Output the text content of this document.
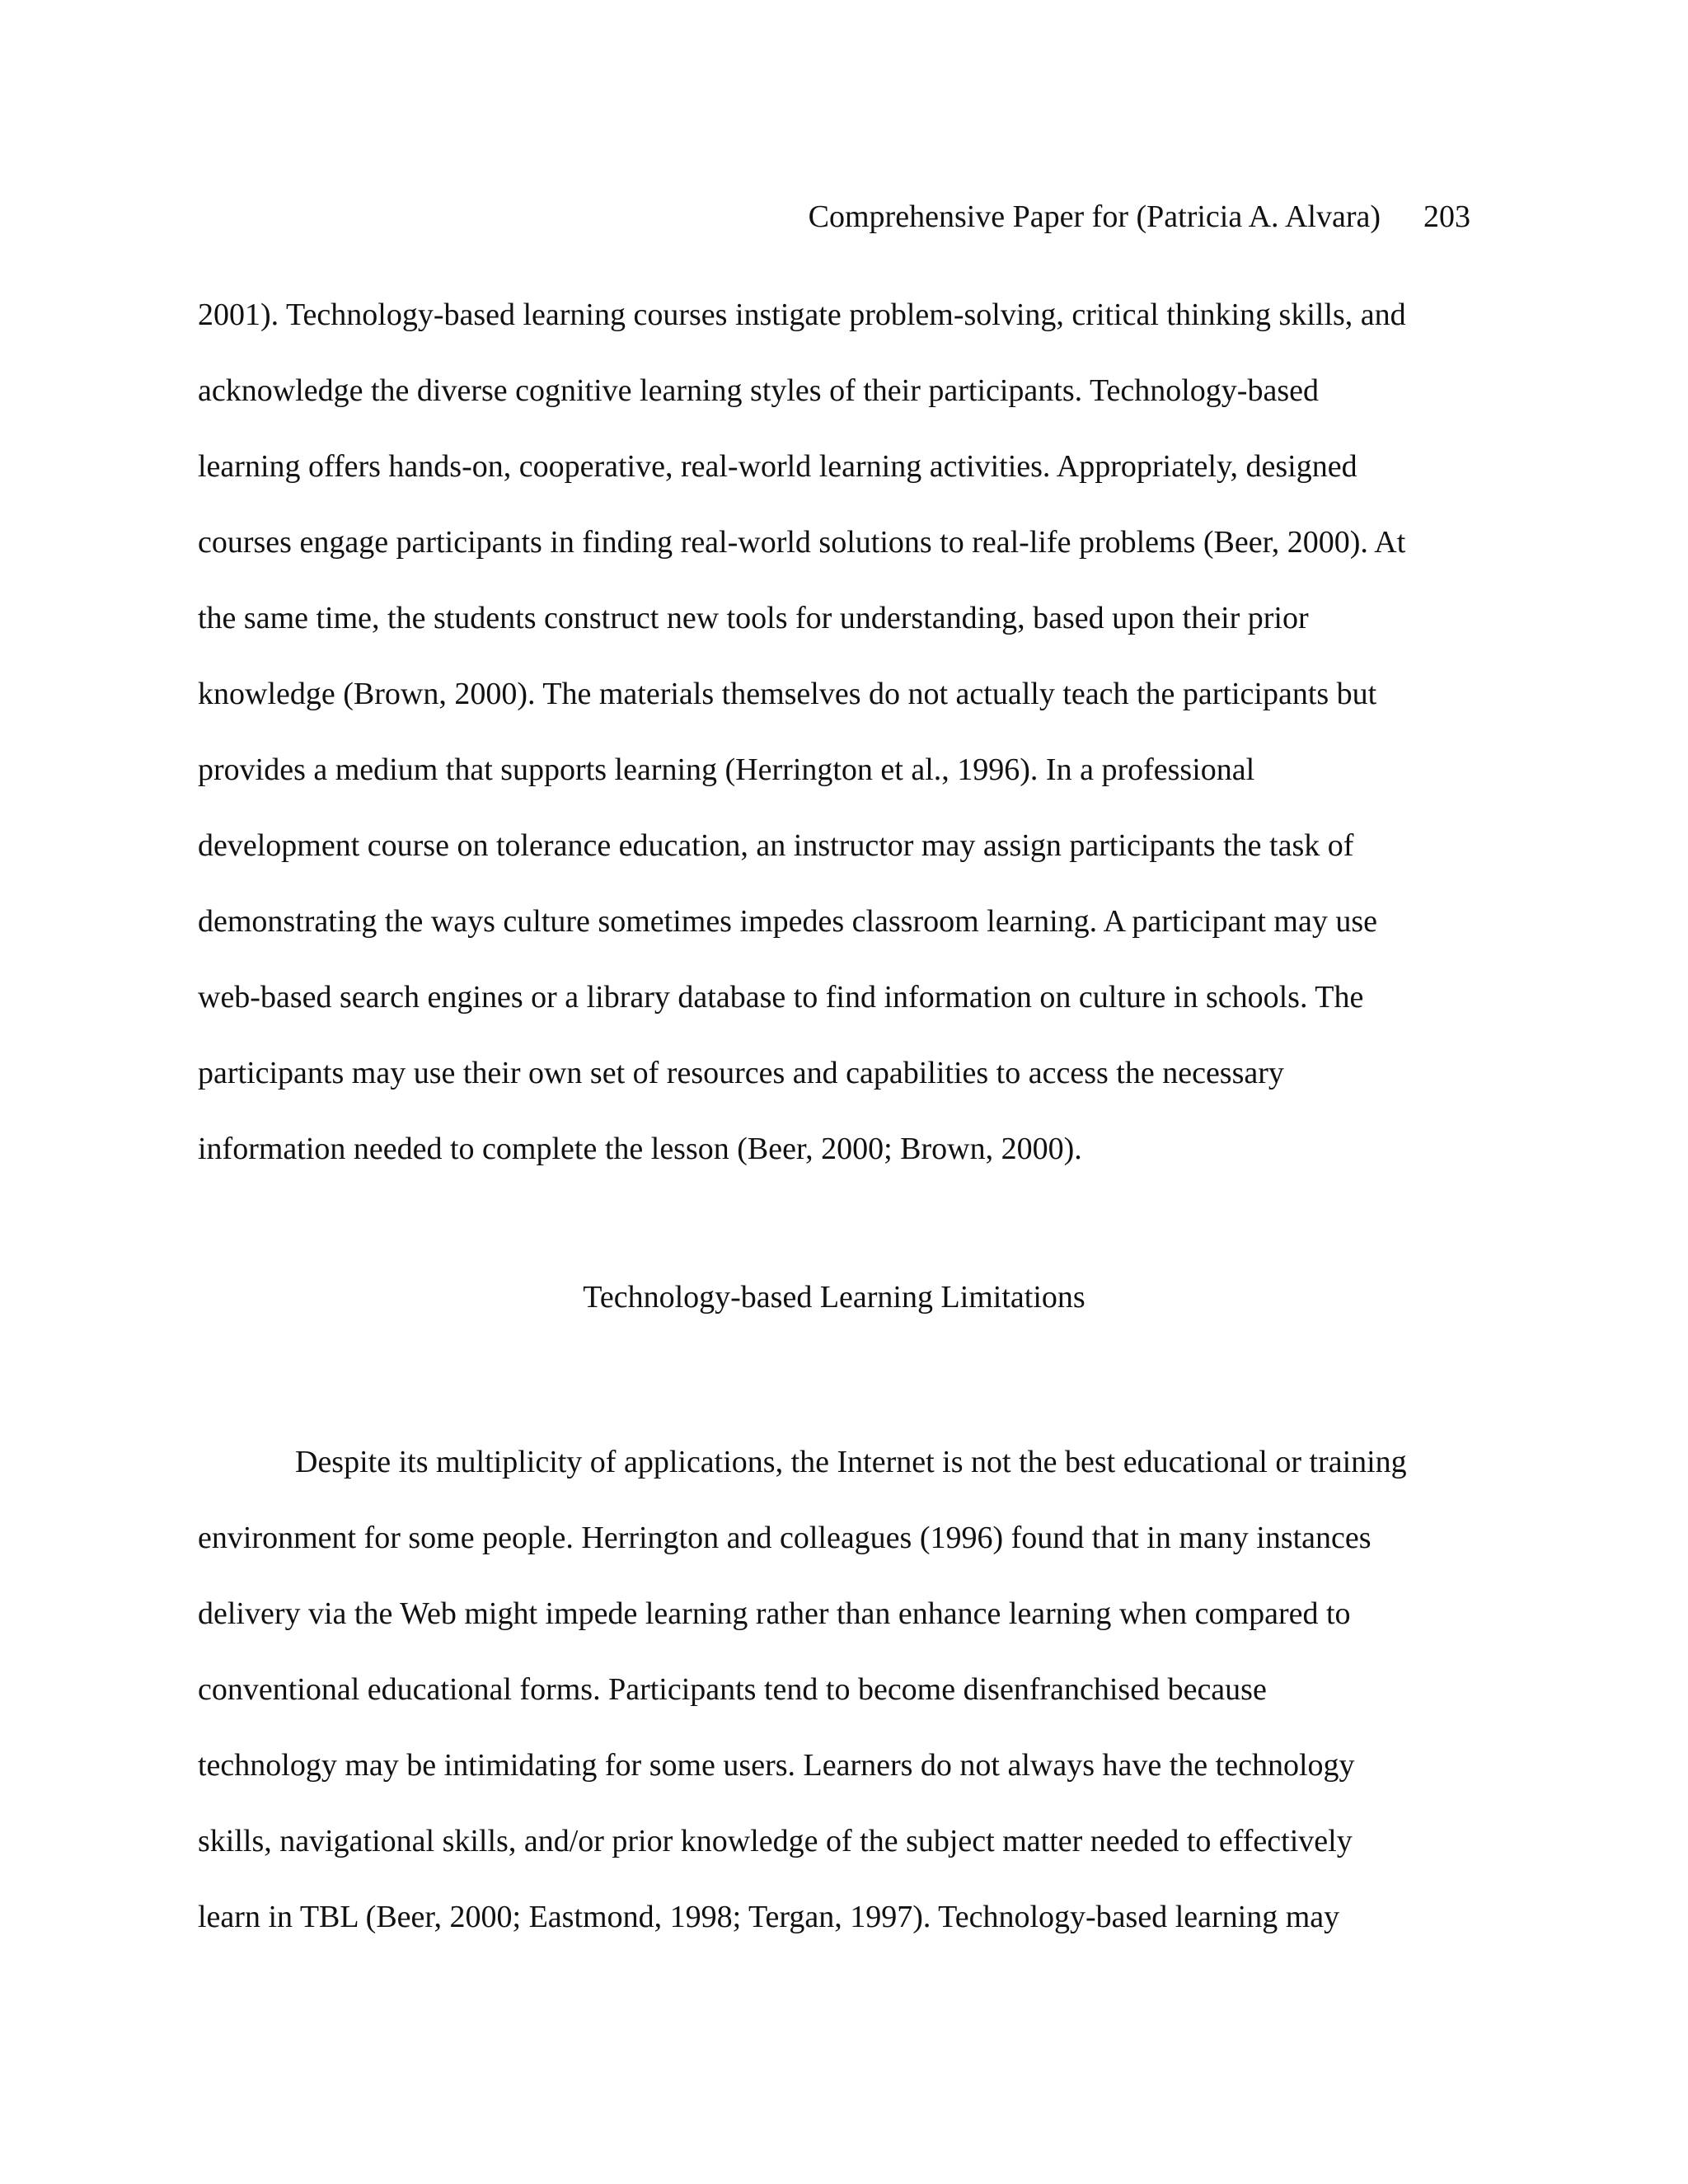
Comprehensive Paper for (Patricia A. Alvara) 203
2001). Technology-based learning courses instigate problem-solving, critical thinking skills, and
acknowledge the diverse cognitive learning styles of their participants. Technology-based
learning offers hands-on, cooperative, real-world learning activities. Appropriately, designed
courses engage participants in finding real-world solutions to real-life problems (Beer, 2000). At
the same time, the students construct new tools for understanding, based upon their prior
knowledge (Brown, 2000). The materials themselves do not actually teach the participants but
provides a medium that supports learning (Herrington et al., 1996). In a professional
development course on tolerance education, an instructor may assign participants the task of
demonstrating the ways culture sometimes impedes classroom learning. A participant may use
web-based search engines or a library database to find information on culture in schools. The
participants may use their own set of resources and capabilities to access the necessary
information needed to complete the lesson (Beer, 2000; Brown, 2000).
Technology-based Learning Limitations
Despite its multiplicity of applications, the Internet is not the best educational or training
environment for some people. Herrington and colleagues (1996) found that in many instances
delivery via the Web might impede learning rather than enhance learning when compared to
conventional educational forms. Participants tend to become disenfranchised because
technology may be intimidating for some users. Learners do not always have the technology
skills, navigational skills, and/or prior knowledge of the subject matter needed to effectively
learn in TBL (Beer, 2000; Eastmond, 1998; Tergan, 1997). Technology-based learning may
